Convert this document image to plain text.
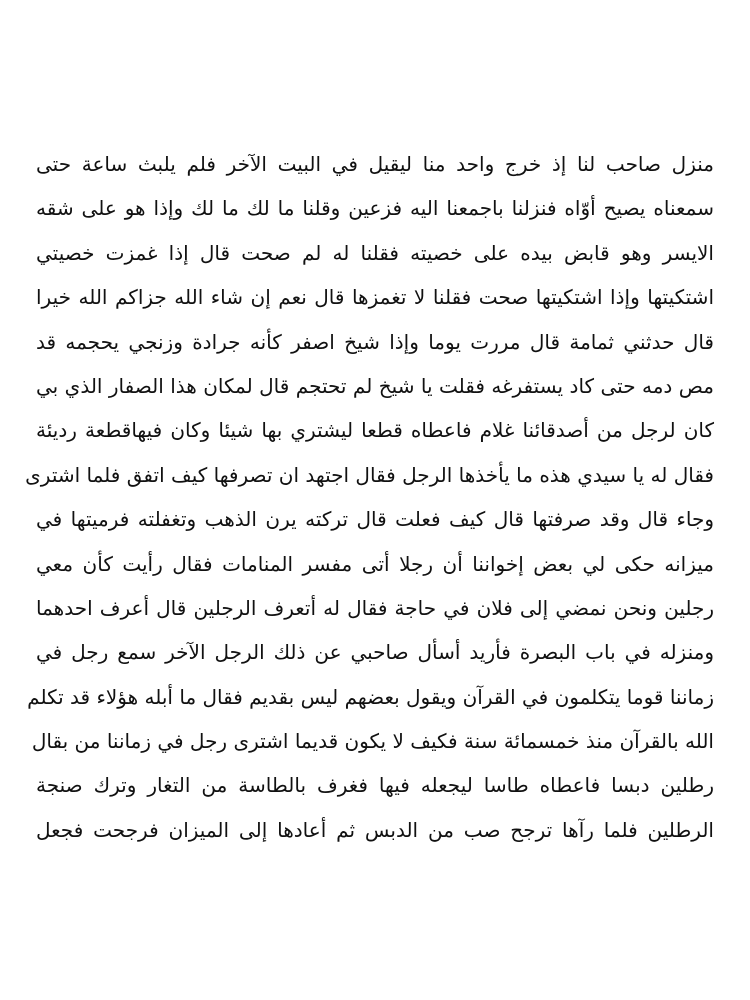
منزل صاحب لنا إذ خرج واحد منا ليقيل في البيت الآخر فلم يلبث ساعة حتى
سمعناه يصيح أوّاه فنزلنا باجمعنا اليه فزعين وقلنا ما لك ما لك وإذا هو على شقه
الايسر وهو قابض بيده على خصيته فقلنا له لم صحت قال إذا غمزت خصيتي
اشتكيتها وإذا اشتكيتها صحت فقلنا لا تغمزها قال نعم إن شاء الله جزاكم الله خيرا
قال حدثني ثمامة قال مررت يوما وإذا شيخ اصفر كأنه جرادة وزنجي يحجمه قد
مص دمه حتى كاد يستفرغه فقلت يا شيخ لم تحتجم قال لمكان هذا الصفار الذي بي
كان لرجل من أصدقائنا غلام فاعطاه قطعا ليشتري بها شيئا وكان فيهاقطعة رديئة
فقال له يا سيدي هذه ما يأخذها الرجل فقال اجتهد ان تصرفها كيف اتفق فلما اشترى
وجاء قال وقد صرفتها قال كيف فعلت قال تركته يرن الذهب وتغفلته فرميتها في
ميزانه حكى لي بعض إخواننا أن رجلا أتى مفسر المنامات فقال رأيت كأن معي
رجلين ونحن نمضي إلى فلان في حاجة فقال له أتعرف الرجلين قال أعرف احدهما
ومنزله في باب البصرة فأريد أسأل صاحبي عن ذلك الرجل الآخر سمع رجل في
زماننا قوما يتكلمون في القرآن ويقول بعضهم ليس بقديم فقال ما أبله هؤلاء قد تكلم
الله بالقرآن منذ خمسمائة سنة فكيف لا يكون قديما اشترى رجل في زماننا من بقال
رطلين دبسا فاعطاه طاسا ليجعله فيها فغرف بالطاسة من التغار وترك صنجة
الرطلين فلما رآها ترجح صب من الدبس ثم أعادها إلى الميزان فرجحت فجعل
